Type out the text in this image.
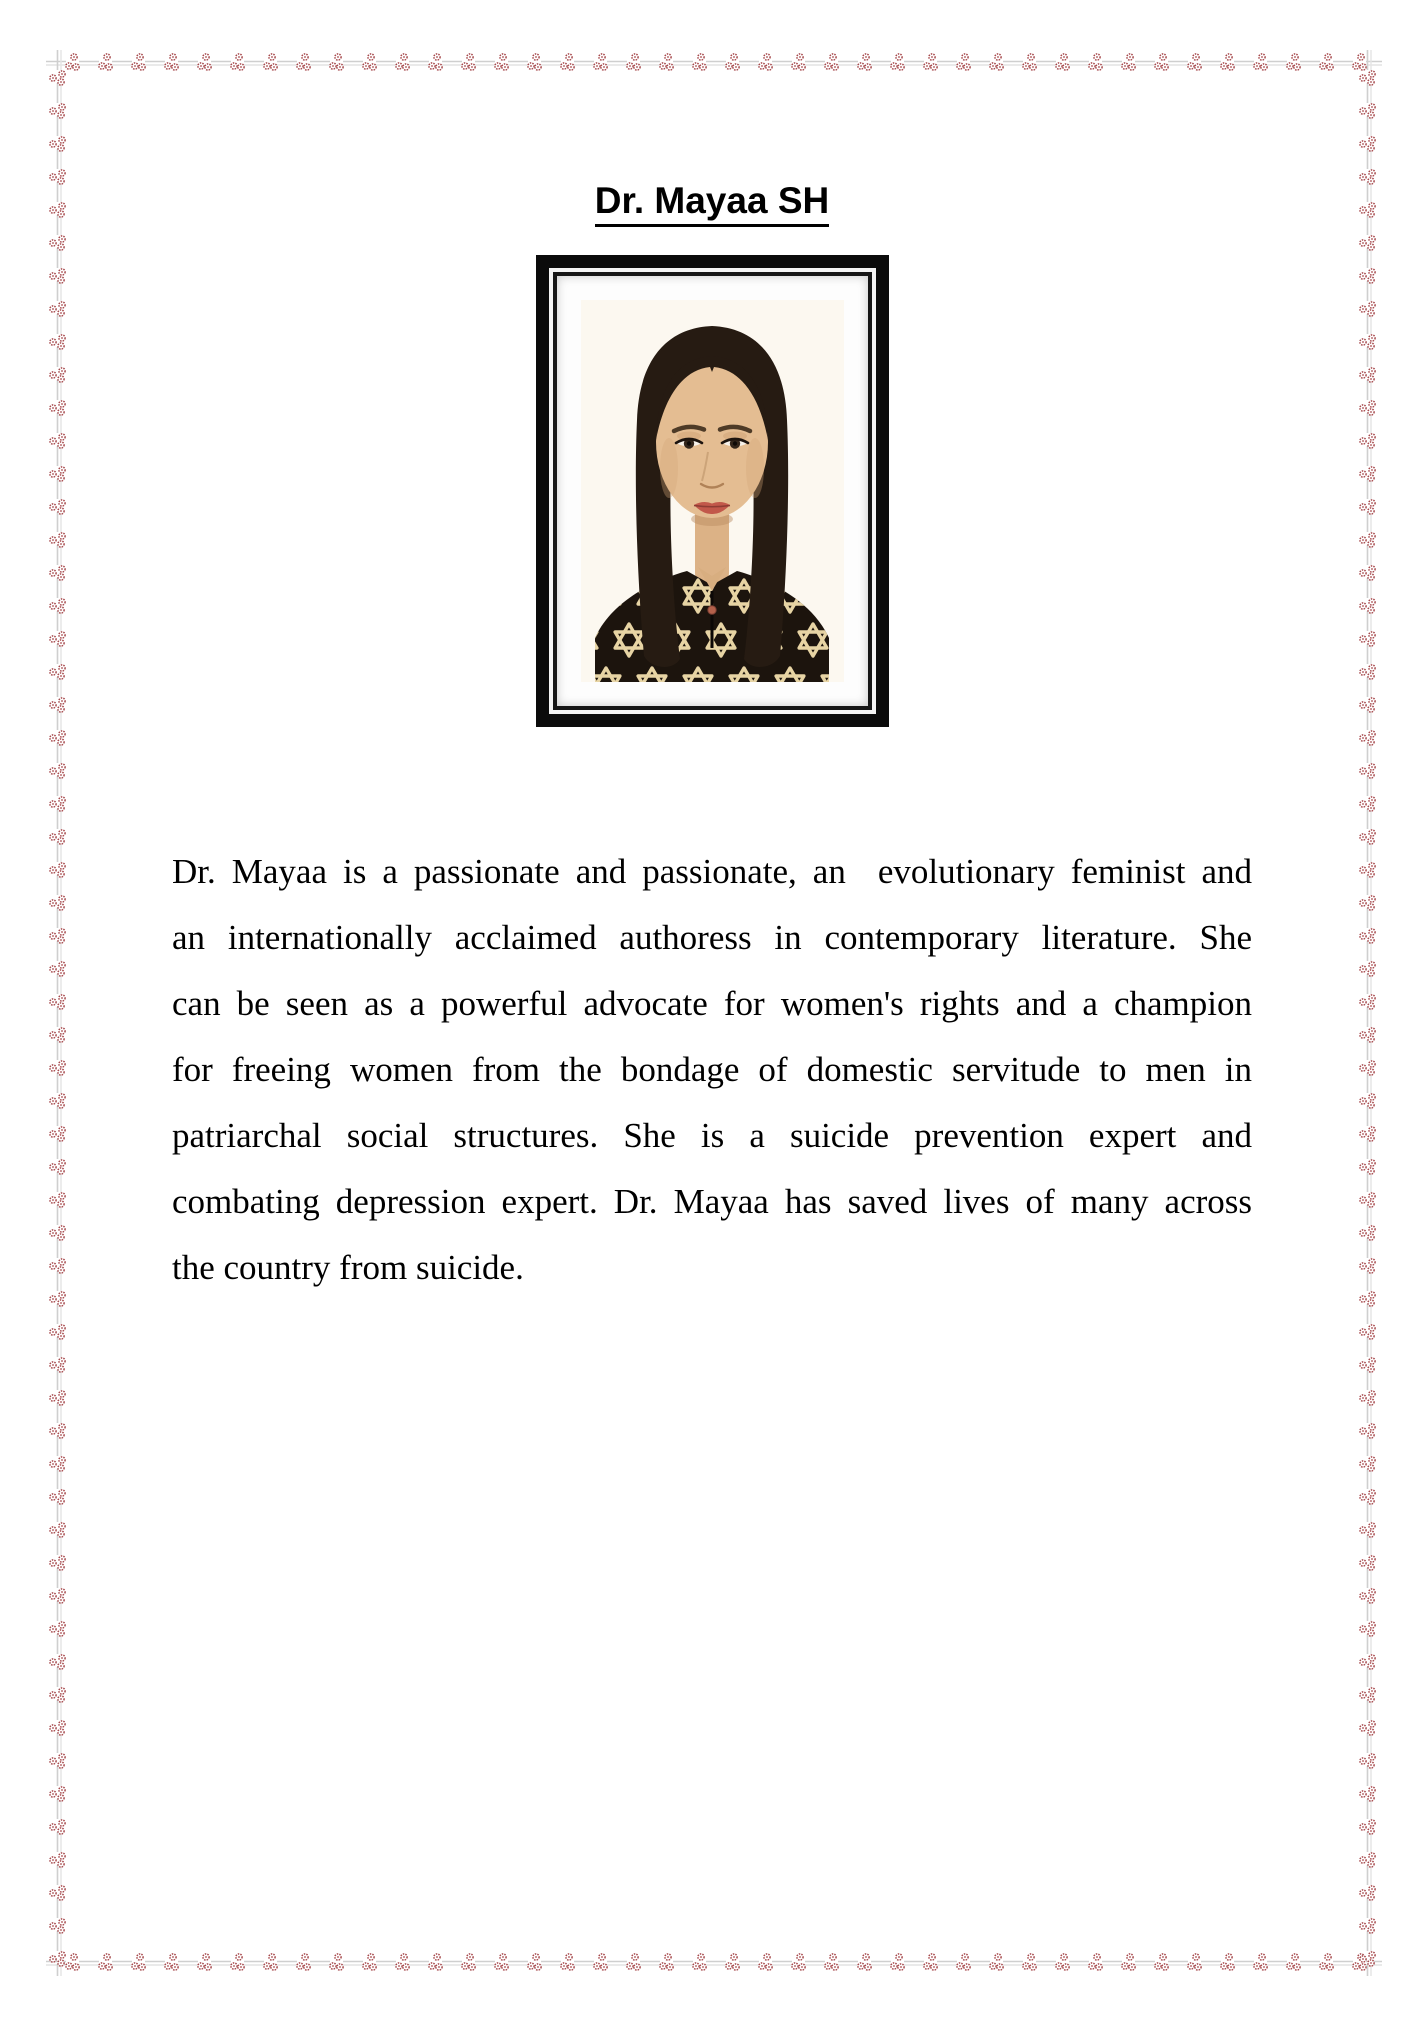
Dr. Mayaa SH
Dr. Mayaa is a passionate and passionate, an  evolutionary feminist and
an internationally acclaimed authoress in contemporary literature. She
can be seen as a powerful advocate for women's rights and a champion
for freeing women from the bondage of domestic servitude to men in
patriarchal social structures. She is a suicide prevention expert and
combating depression expert. Dr. Mayaa has saved lives of many across
the country from suicide.
